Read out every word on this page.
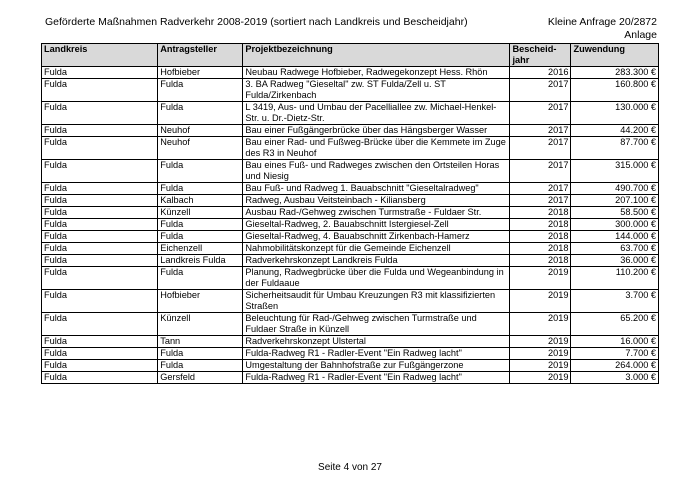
Geförderte Maßnahmen Radverkehr 2008-2019 (sortiert nach Landkreis und Bescheidjahr)	Kleine Anfrage 20/2872
Anlage
Landkreis	Antragsteller	Projektbezeichnung	Bescheid-jahr	Zuwendung
Fulda	Hofbieber	Neubau Radwege Hofbieber, Radwegekonzept Hess. Rhön	2016	283.300 €
Fulda	Fulda	3. BA Radweg "Gieseltal" zw. ST Fulda/Zell u. ST Fulda/Zirkenbach	2017	160.800 €
Fulda	Fulda	L 3419, Aus- und Umbau der Pacelliallee zw. Michael-Henkel-Str. u. Dr.-Dietz-Str.	2017	130.000 €
Fulda	Neuhof	Bau einer Fußgängerbrücke über das Hängsberger Wasser	2017	44.200 €
Fulda	Neuhof	Bau einer Rad- und Fußweg-Brücke über die Kemmete im Zuge des R3 in Neuhof	2017	87.700 €
Fulda	Fulda	Bau eines Fuß- und Radweges zwischen den Ortsteilen Horas und Niesig	2017	315.000 €
Fulda	Fulda	Bau Fuß- und Radweg 1. Bauabschnitt "Gieseltalradweg"	2017	490.700 €
Fulda	Kalbach	Radweg, Ausbau Veitsteinbach - Kiliansberg	2017	207.100 €
Fulda	Künzell	Ausbau Rad-/Gehweg zwischen Turmstraße - Fuldaer Str.	2018	58.500 €
Fulda	Fulda	Gieseltal-Radweg, 2. Bauabschnitt Istergiesel-Zell	2018	300.000 €
Fulda	Fulda	Gieseltal-Radweg, 4. Bauabschnitt Zirkenbach-Hamerz	2018	144.000 €
Fulda	Eichenzell	Nahmobilitätskonzept für die Gemeinde Eichenzell	2018	63.700 €
Fulda	Landkreis Fulda	Radverkehrskonzept Landkreis Fulda	2018	36.000 €
Fulda	Fulda	Planung, Radwegbrücke über die Fulda und Wegeanbindung in der Fuldaaue	2019	110.200 €
Fulda	Hofbieber	Sicherheitsaudit für Umbau Kreuzungen R3 mit klassifizierten Straßen	2019	3.700 €
Fulda	Künzell	Beleuchtung für Rad-/Gehweg zwischen Turmstraße und Fuldaer Straße in Künzell	2019	65.200 €
Fulda	Tann	Radverkehrskonzept Ulstertal	2019	16.000 €
Fulda	Fulda	Fulda-Radweg R1 - Radler-Event "Ein Radweg lacht"	2019	7.700 €
Fulda	Fulda	Umgestaltung der Bahnhofstraße zur Fußgängerzone	2019	264.000 €
Fulda	Gersfeld	Fulda-Radweg R1 - Radler-Event "Ein Radweg lacht"	2019	3.000 €
Seite 4 von 27
